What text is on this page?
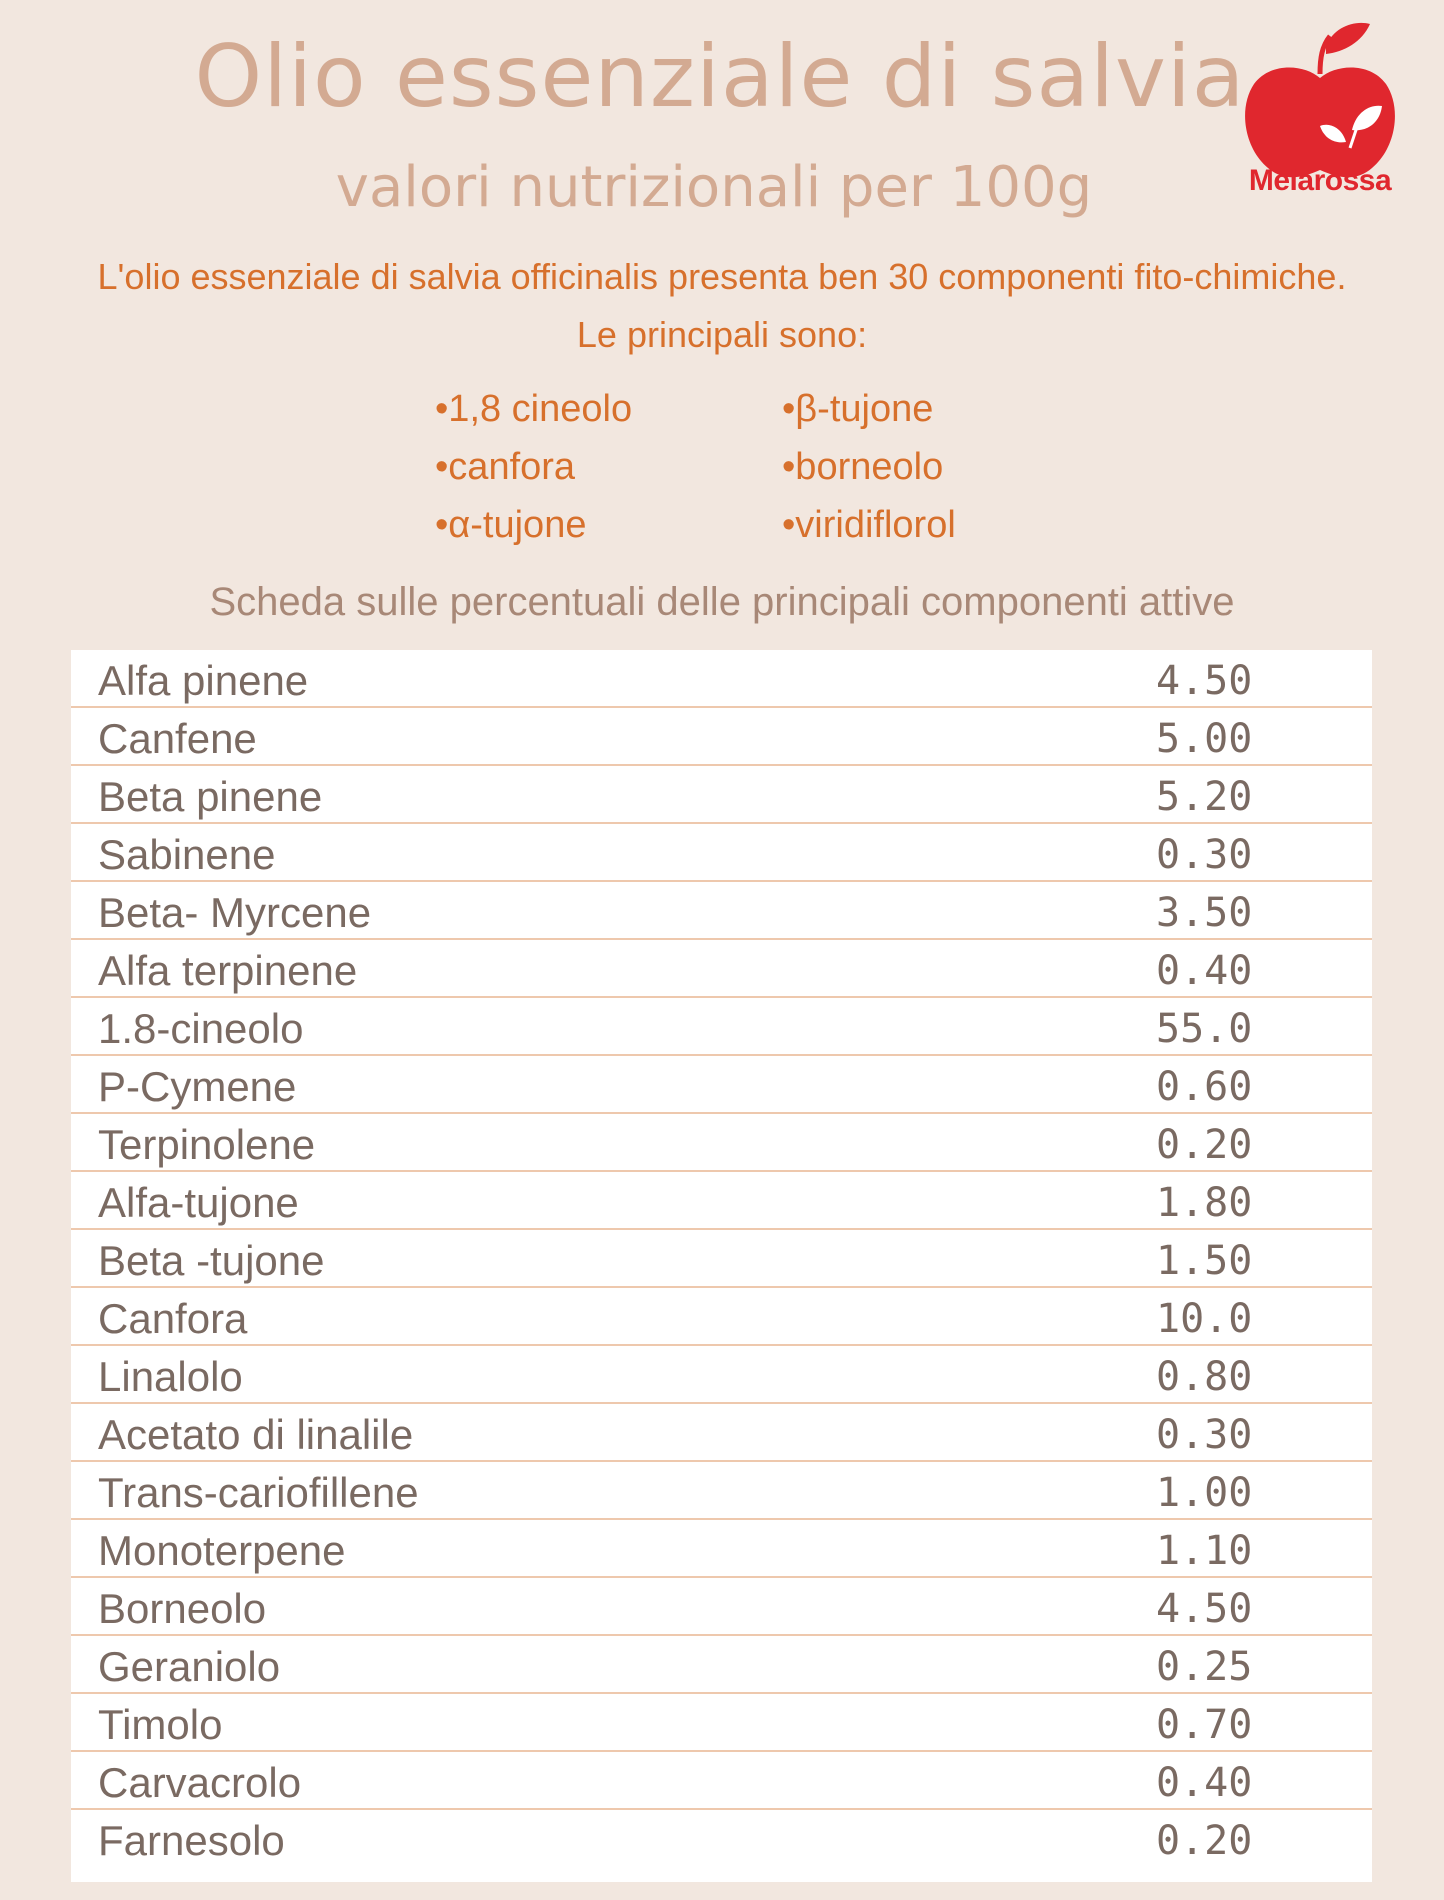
Olio essenziale di salvia
valori nutrizionali per 100g	Melarossa
L'olio essenziale di salvia officinalis presenta ben 30 componenti fito-chimiche.
Le principali sono:
•1,8 cineolo
•canfora
•α-tujone
•β-tujone
•borneolo
•viridiflorol
Scheda sulle percentuali delle principali componenti attive
Alfa pinene	4.50
Canfene	5.00
Beta pinene	5.20
Sabinene	0.30
Beta- Myrcene	3.50
Alfa terpinene	0.40
1.8-cineolo	55.0
P-Cymene	0.60
Terpinolene	0.20
Alfa-tujone	1.80
Beta -tujone	1.50
Canfora	10.0
Linalolo	0.80
Acetato di linalile	0.30
Trans-cariofillene	1.00
Monoterpene	1.10
Borneolo	4.50
Geraniolo	0.25
Timolo	0.70
Carvacrolo	0.40
Farnesolo	0.20
